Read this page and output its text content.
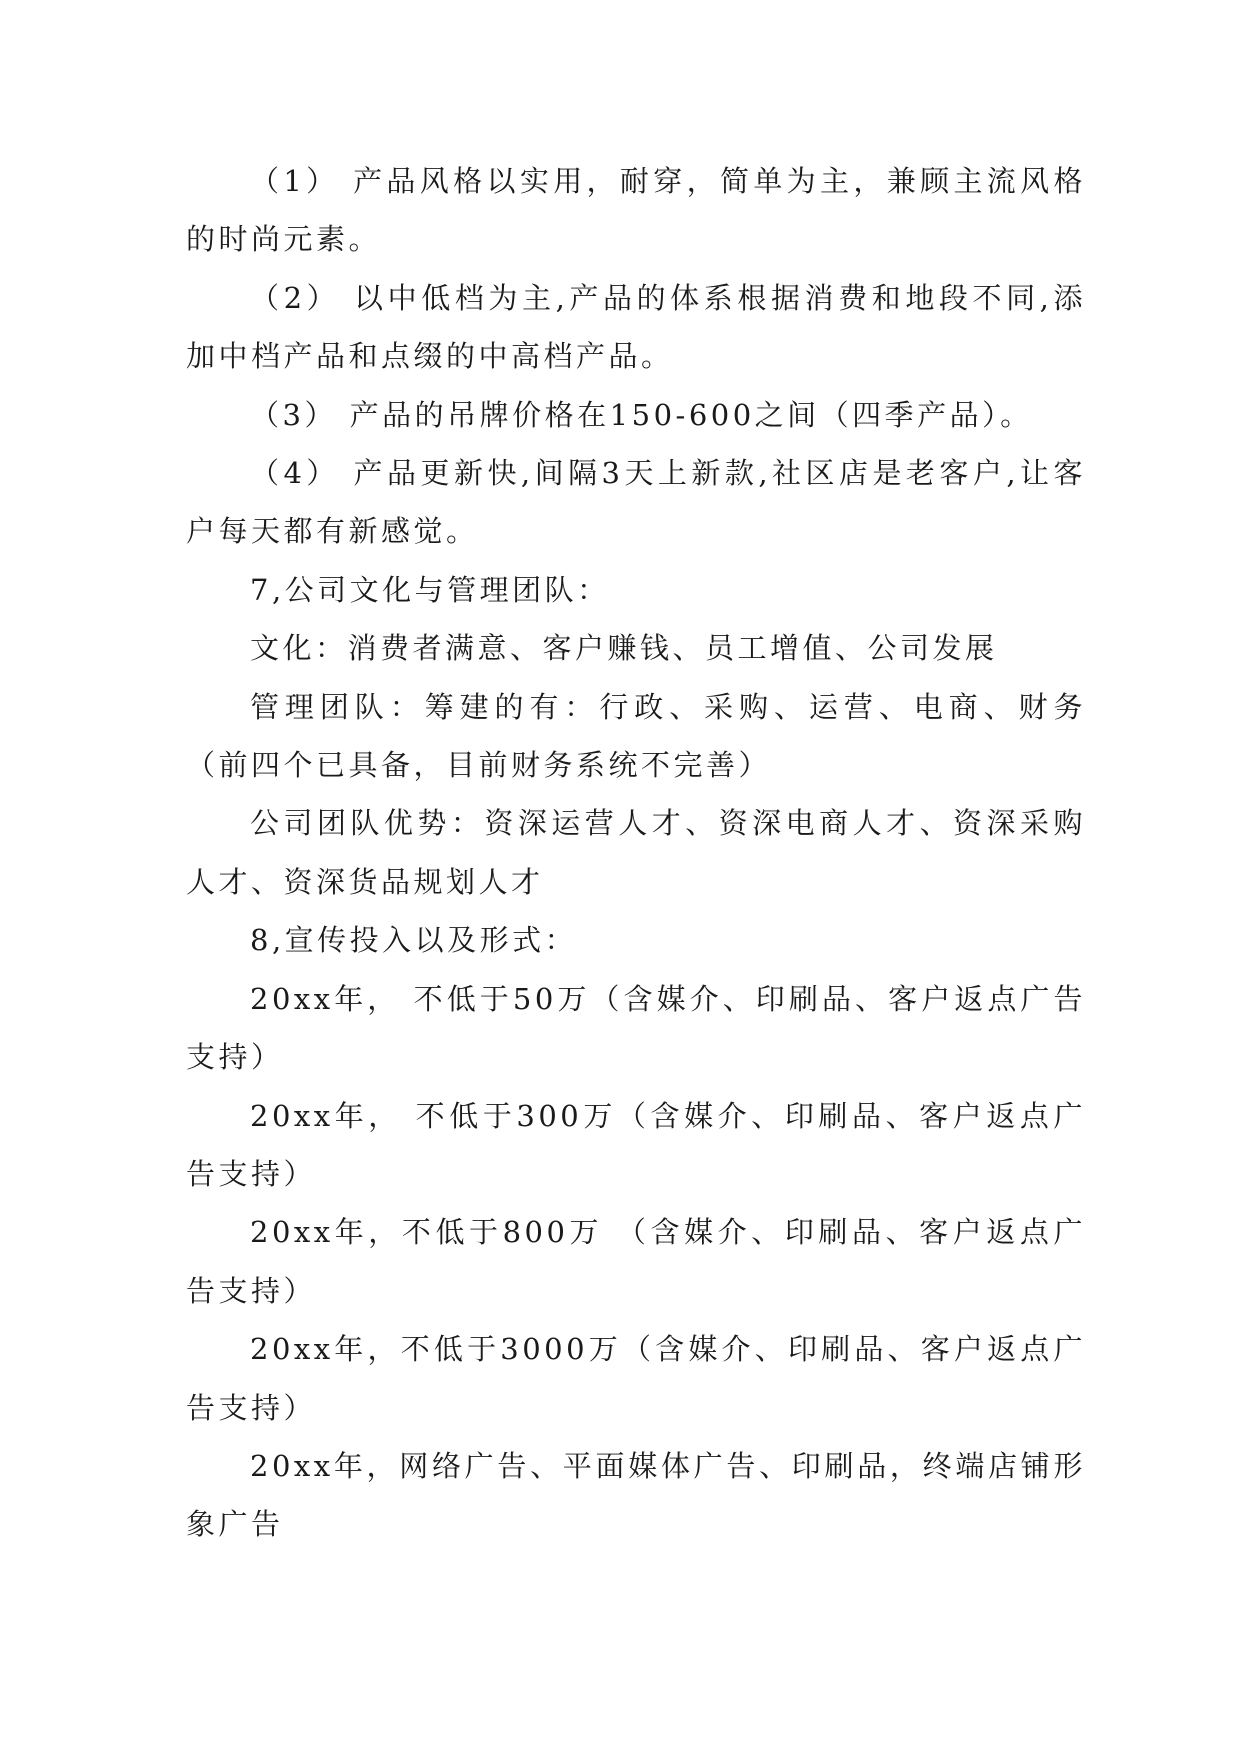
（1） 产品风格以实用，耐穿，简单为主，兼顾主流风格的时尚元素。

（2） 以中低档为主,产品的体系根据消费和地段不同,添加中档产品和点缀的中高档产品。

（3） 产品的吊牌价格在150-600之间（四季产品）。

（4） 产品更新快,间隔3天上新款,社区店是老客户,让客户每天都有新感觉。

7,公司文化与管理团队：

文化：消费者满意、客户赚钱、员工增值、公司发展

管理团队：筹建的有：行政、采购、运营、电商、财务（前四个已具备，目前财务系统不完善）

公司团队优势：资深运营人才、资深电商人才、资深采购人才、资深货品规划人才

8,宣传投入以及形式：

20xx年， 不低于50万（含媒介、印刷品、客户返点广告支持）

20xx年， 不低于300万（含媒介、印刷品、客户返点广告支持）

20xx年，不低于800万 （含媒介、印刷品、客户返点广告支持）

20xx年，不低于3000万（含媒介、印刷品、客户返点广告支持）

20xx年，网络广告、平面媒体广告、印刷品，终端店铺形象广告
